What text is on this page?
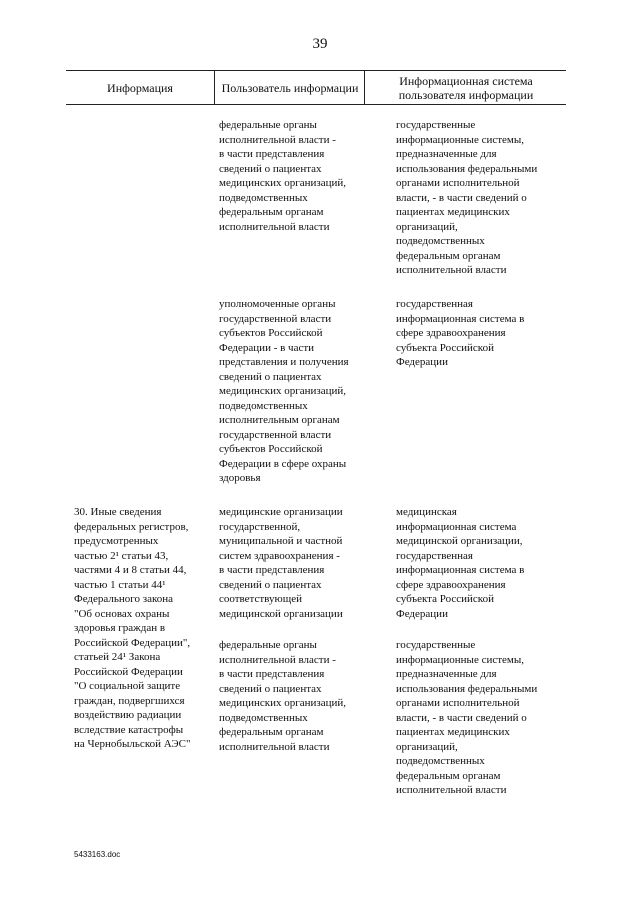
39
Информация	Пользователь информации	Информационная система
пользователя информации
федеральные органы
исполнительной власти -
в части представления
сведений о пациентах
медицинских организаций,
подведомственных
федеральным органам
исполнительной власти
государственные
информационные системы,
предназначенные для
использования федеральными
органами исполнительной
власти, - в части сведений о
пациентах медицинских
организаций,
подведомственных
федеральным органам
исполнительной власти
уполномоченные органы
государственной власти
субъектов Российской
Федерации - в части
представления и получения
сведений о пациентах
медицинских организаций,
подведомственных
исполнительным органам
государственной власти
субъектов Российской
Федерации в сфере охраны
здоровья
государственная
информационная система в
сфере здравоохранения
субъекта Российской
Федерации
30. Иные сведения
федеральных регистров,
предусмотренных
частью 2¹ статьи 43,
частями 4 и 8 статьи 44,
частью 1 статьи 44¹
Федерального закона
"Об основах охраны
здоровья граждан в
Российской Федерации",
статьей 24¹ Закона
Российской Федерации
"О социальной защите
граждан, подвергшихся
воздействию радиации
вследствие катастрофы
на Чернобыльской АЭС"
медицинские организации
государственной,
муниципальной и частной
систем здравоохранения -
в части представления
сведений о пациентах
соответствующей
медицинской организации
медицинская
информационная система
медицинской организации,
государственная
информационная система в
сфере здравоохранения
субъекта Российской
Федерации
федеральные органы
исполнительной власти -
в части представления
сведений о пациентах
медицинских организаций,
подведомственных
федеральным органам
исполнительной власти
государственные
информационные системы,
предназначенные для
использования федеральными
органами исполнительной
власти, - в части сведений о
пациентах медицинских
организаций,
подведомственных
федеральным органам
исполнительной власти
5433163.doc
